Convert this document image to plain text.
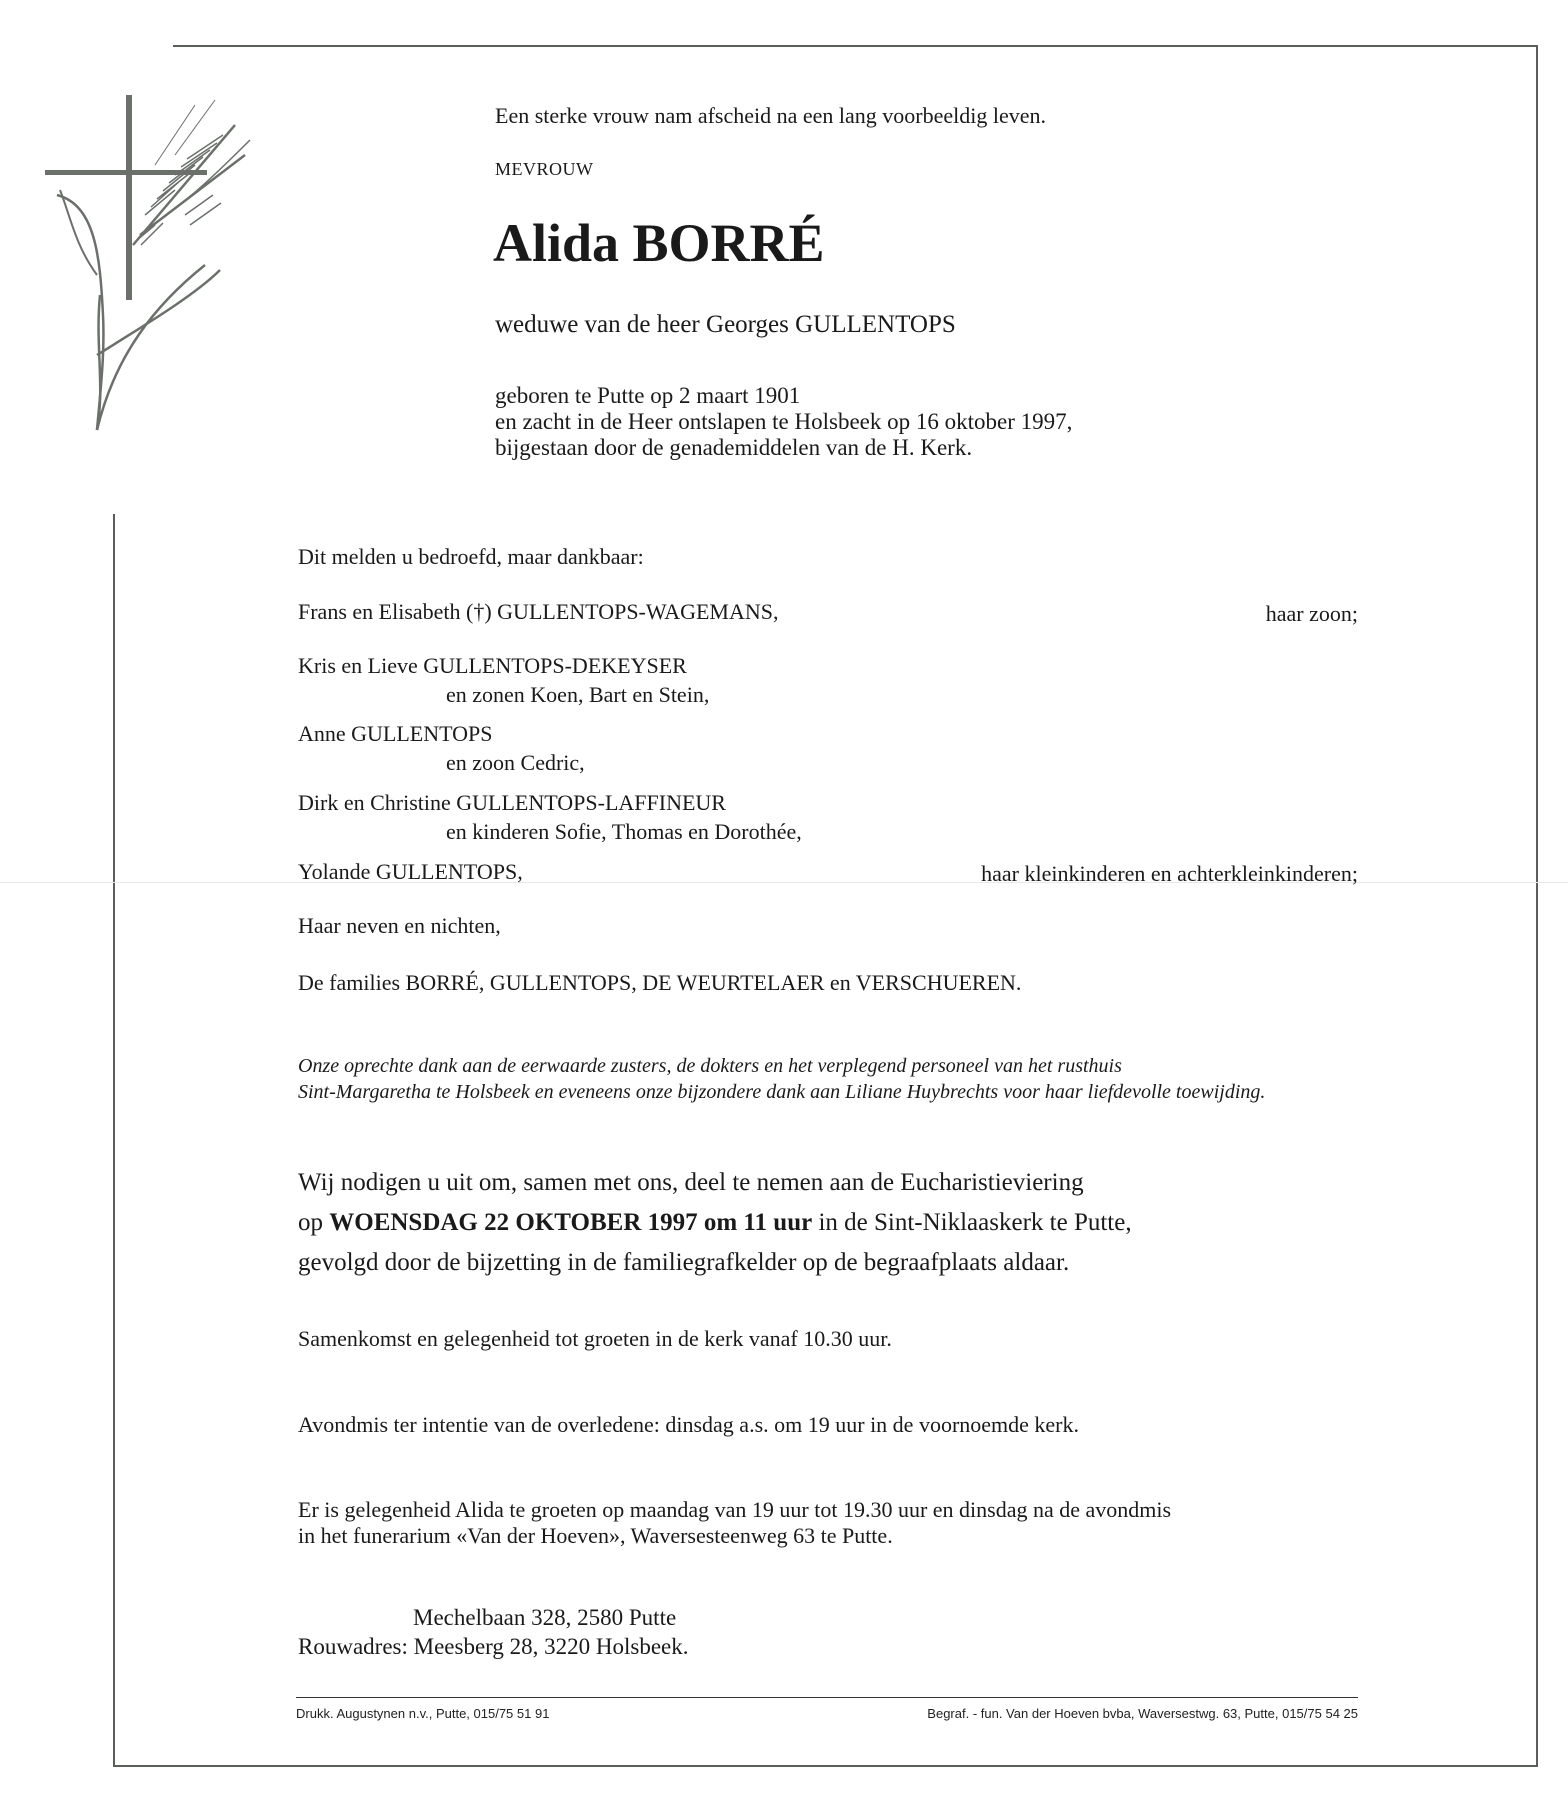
Een sterke vrouw nam afscheid na een lang voorbeeldig leven.
MEVROUW
Alida BORRÉ
weduwe van de heer Georges GULLENTOPS
geboren te Putte op 2 maart 1901
en zacht in de Heer ontslapen te Holsbeek op 16 oktober 1997,
bijgestaan door de genademiddelen van de H. Kerk.
Dit melden u bedroefd, maar dankbaar:
Frans en Elisabeth (†) GULLENTOPS-WAGEMANS,	haar zoon;
Kris en Lieve GULLENTOPS-DEKEYSER
en zonen Koen, Bart en Stein,
Anne GULLENTOPS
en zoon Cedric,
Dirk en Christine GULLENTOPS-LAFFINEUR
en kinderen Sofie, Thomas en Dorothée,
Yolande GULLENTOPS,	haar kleinkinderen en achterkleinkinderen;
Haar neven en nichten,
De families BORRÉ, GULLENTOPS, DE WEURTELAER en VERSCHUEREN.
Onze oprechte dank aan de eerwaarde zusters, de dokters en het verplegend personeel van het rusthuis
Sint-Margaretha te Holsbeek en eveneens onze bijzondere dank aan Liliane Huybrechts voor haar liefdevolle toewijding.
Wij nodigen u uit om, samen met ons, deel te nemen aan de Eucharistieviering
op WOENSDAG 22 OKTOBER 1997 om 11 uur in de Sint-Niklaaskerk te Putte,
gevolgd door de bijzetting in de familiegrafkelder op de begraafplaats aldaar.
Samenkomst en gelegenheid tot groeten in de kerk vanaf 10.30 uur.
Avondmis ter intentie van de overledene: dinsdag a.s. om 19 uur in de voornoemde kerk.
Er is gelegenheid Alida te groeten op maandag van 19 uur tot 19.30 uur en dinsdag na de avondmis
in het funerarium «Van der Hoeven», Waversesteenweg 63 te Putte.
Mechelbaan 328, 2580 Putte
Rouwadres: Meesberg 28, 3220 Holsbeek.
Drukk. Augustynen n.v., Putte, 015/75 51 91	Begraf. - fun. Van der Hoeven bvba, Waversestwg. 63, Putte, 015/75 54 25
